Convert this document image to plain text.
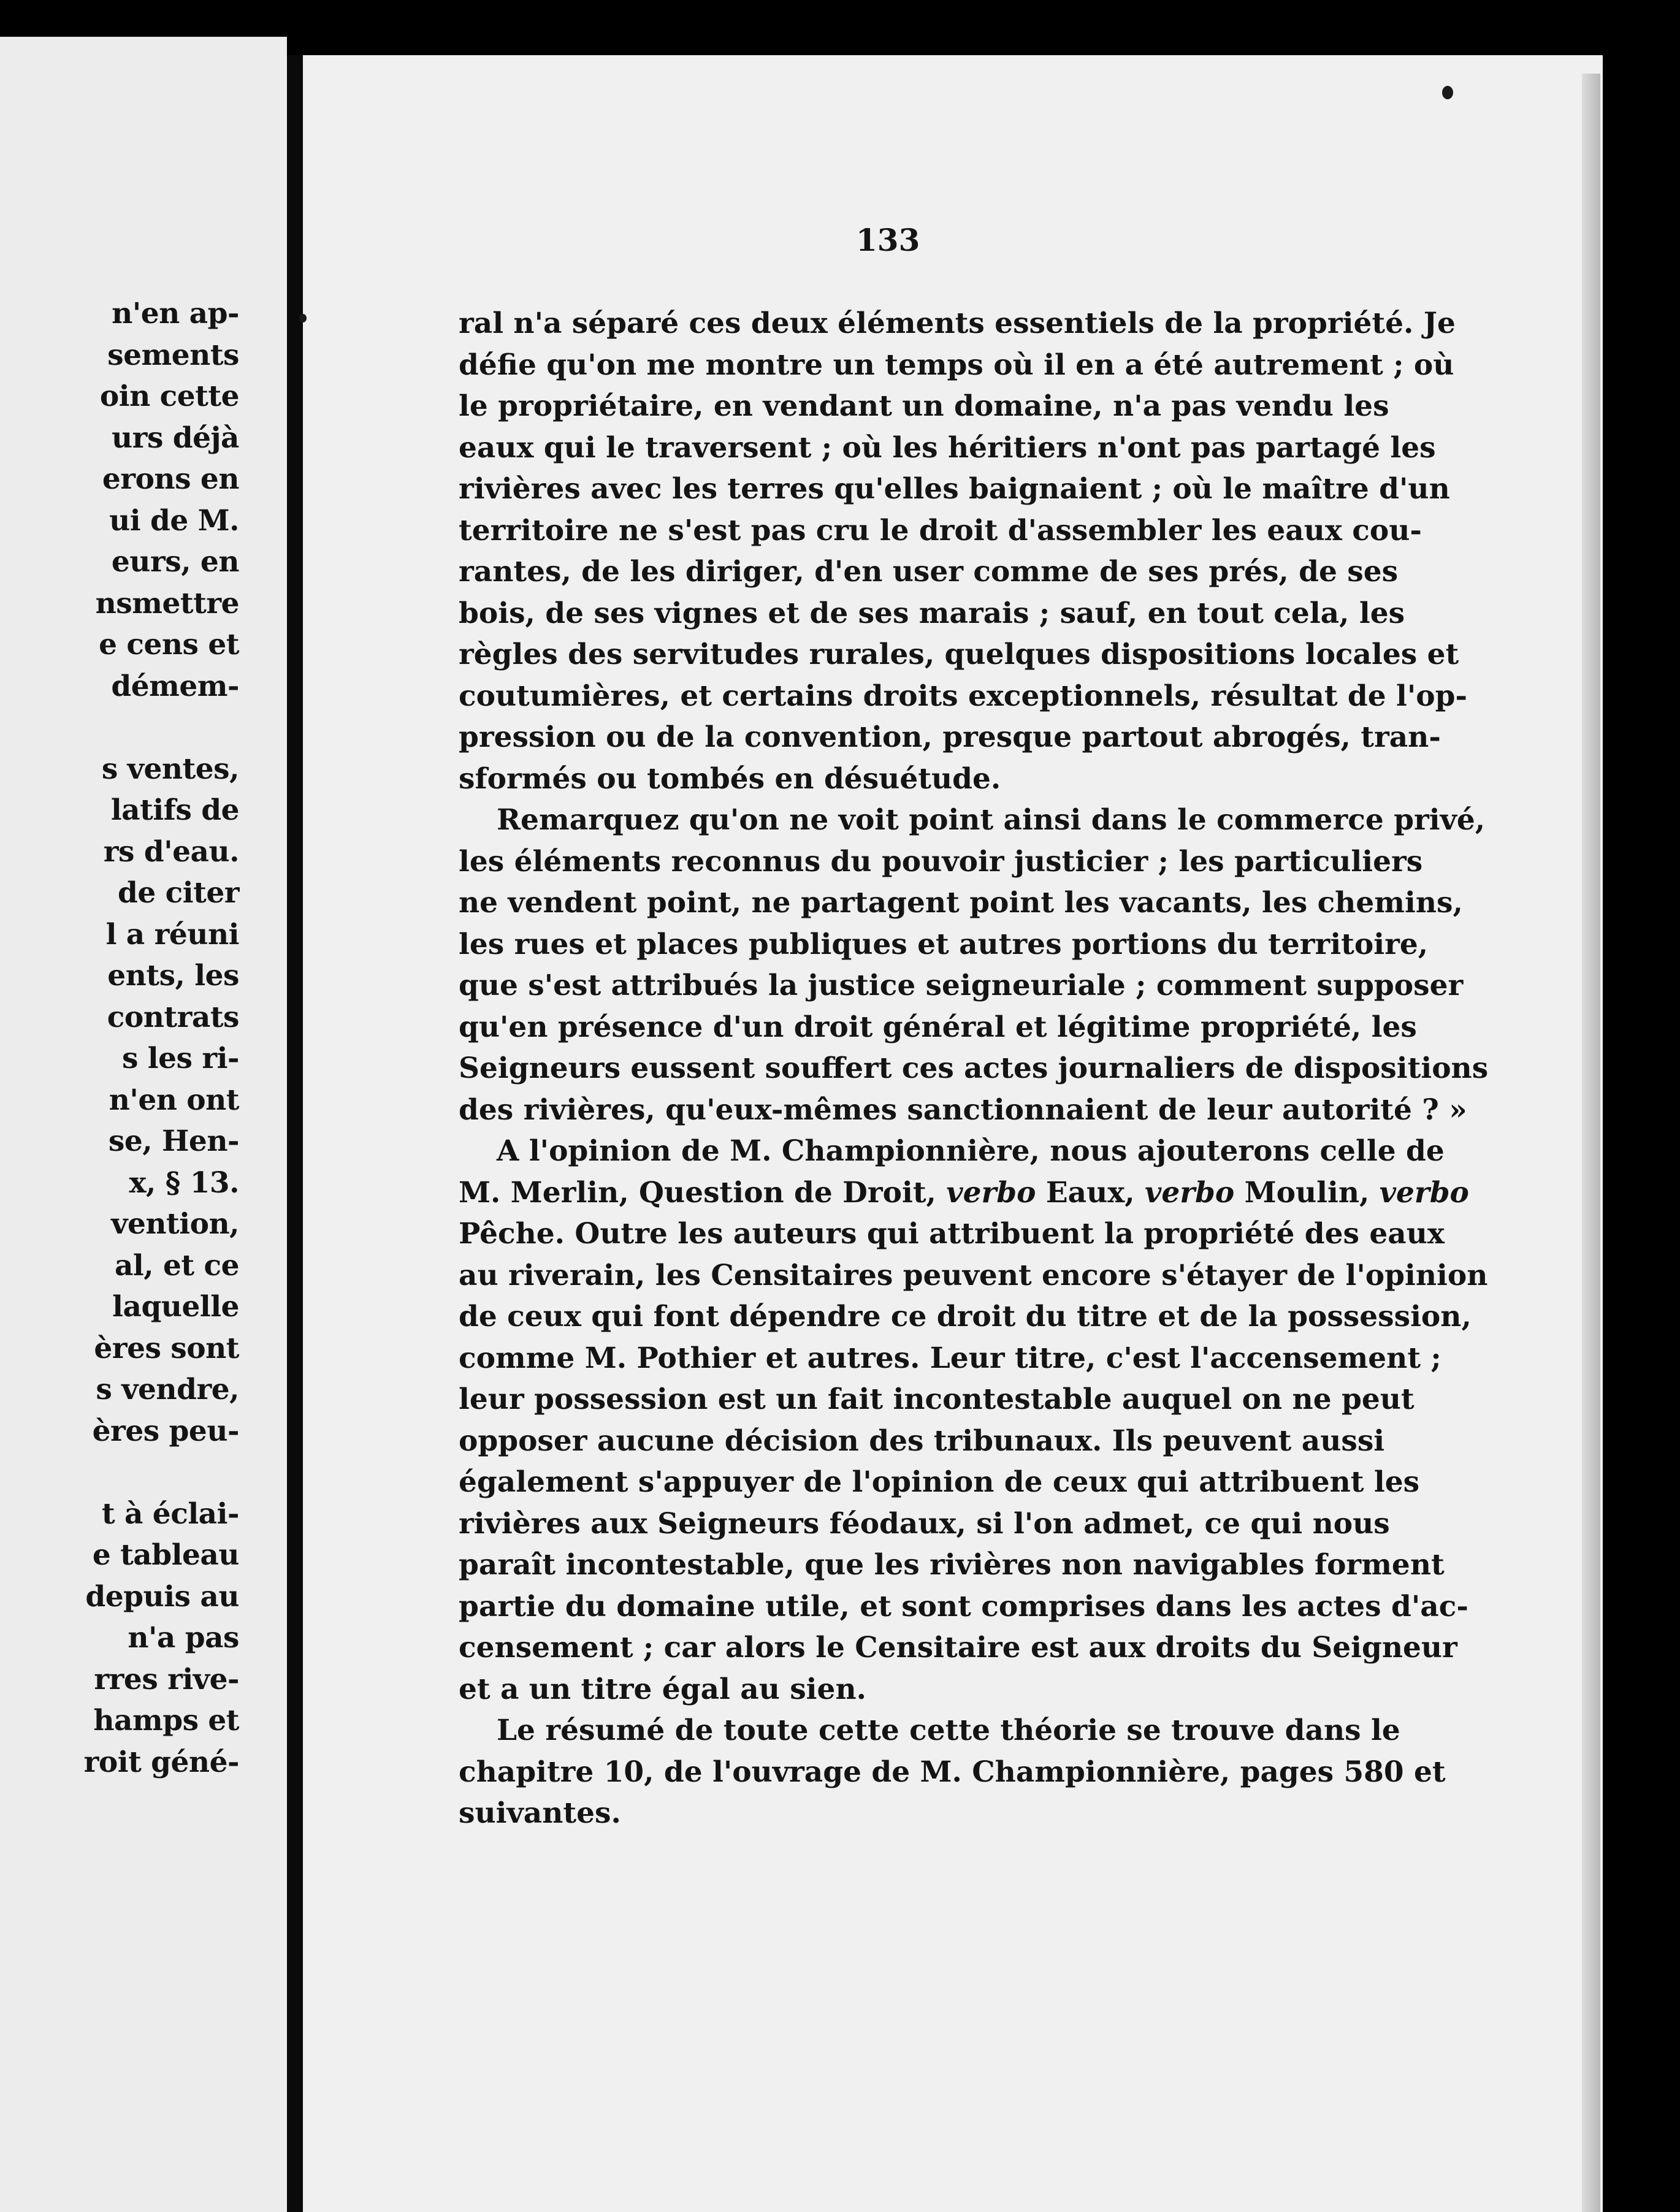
n'en ap-
sements
oin cette
urs déjà
erons en
ui de M.
eurs, en
nsmettre
e cens et
démem-
s ventes,
latifs de
rs d'eau.
de citer
l a réuni
ents, les
contrats
s les ri-
n'en ont
se, Hen-
x, § 13.
vention,
al, et ce
laquelle
ères sont
s vendre,
ères peu-
t à éclai-
e tableau
depuis au
n'a pas
rres rive-
hamps et
roit géné-
133
ral n'a séparé ces deux éléments essentiels de la propriété. Je
défie qu'on me montre un temps où il en a été autrement ; où
le propriétaire, en vendant un domaine, n'a pas vendu les
eaux qui le traversent ; où les héritiers n'ont pas partagé les
rivières avec les terres qu'elles baignaient ; où le maître d'un
territoire ne s'est pas cru le droit d'assembler les eaux cou-
rantes, de les diriger, d'en user comme de ses prés, de ses
bois, de ses vignes et de ses marais ; sauf, en tout cela, les
règles des servitudes rurales, quelques dispositions locales et
coutumières, et certains droits exceptionnels, résultat de l'op-
pression ou de la convention, presque partout abrogés, tran-
sformés ou tombés en désuétude.
Remarquez qu'on ne voit point ainsi dans le commerce privé,
les éléments reconnus du pouvoir justicier ; les particuliers
ne vendent point, ne partagent point les vacants, les chemins,
les rues et places publiques et autres portions du territoire,
que s'est attribués la justice seigneuriale ; comment supposer
qu'en présence d'un droit général et légitime propriété, les
Seigneurs eussent souffert ces actes journaliers de dispositions
des rivières, qu'eux-mêmes sanctionnaient de leur autorité ? »
A l'opinion de M. Championnière, nous ajouterons celle de
M. Merlin, Question de Droit, verbo Eaux, verbo Moulin, verbo
Pêche. Outre les auteurs qui attribuent la propriété des eaux
au riverain, les Censitaires peuvent encore s'étayer de l'opinion
de ceux qui font dépendre ce droit du titre et de la possession,
comme M. Pothier et autres. Leur titre, c'est l'accensement ;
leur possession est un fait incontestable auquel on ne peut
opposer aucune décision des tribunaux. Ils peuvent aussi
également s'appuyer de l'opinion de ceux qui attribuent les
rivières aux Seigneurs féodaux, si l'on admet, ce qui nous
paraît incontestable, que les rivières non navigables forment
partie du domaine utile, et sont comprises dans les actes d'ac-
censement ; car alors le Censitaire est aux droits du Seigneur
et a un titre égal au sien.
Le résumé de toute cette cette théorie se trouve dans le
chapitre 10, de l'ouvrage de M. Championnière, pages 580 et
suivantes.
